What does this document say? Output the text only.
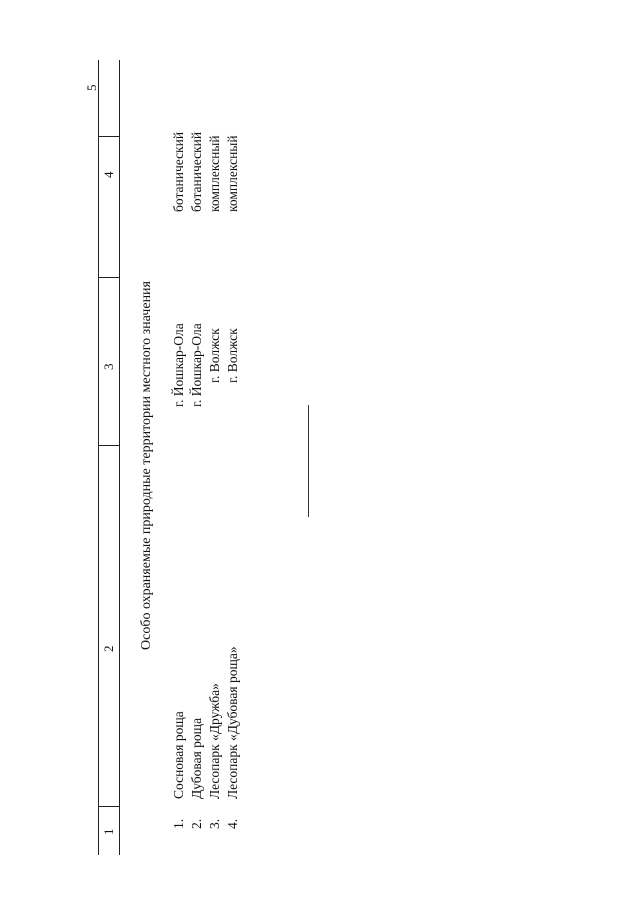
1
2
3
4
5
Особо охраняемые природные территории местного значения
1.
Сосновая роща
г. Йошкар-Ола
ботанический
2.
Дубовая роща
г. Йошкар-Ола
ботанический
3.
Лесопарк «Дружба»
г. Волжск
комплексный
4.
Лесопарк «Дубовая роща»
г. Волжск
комплексный
